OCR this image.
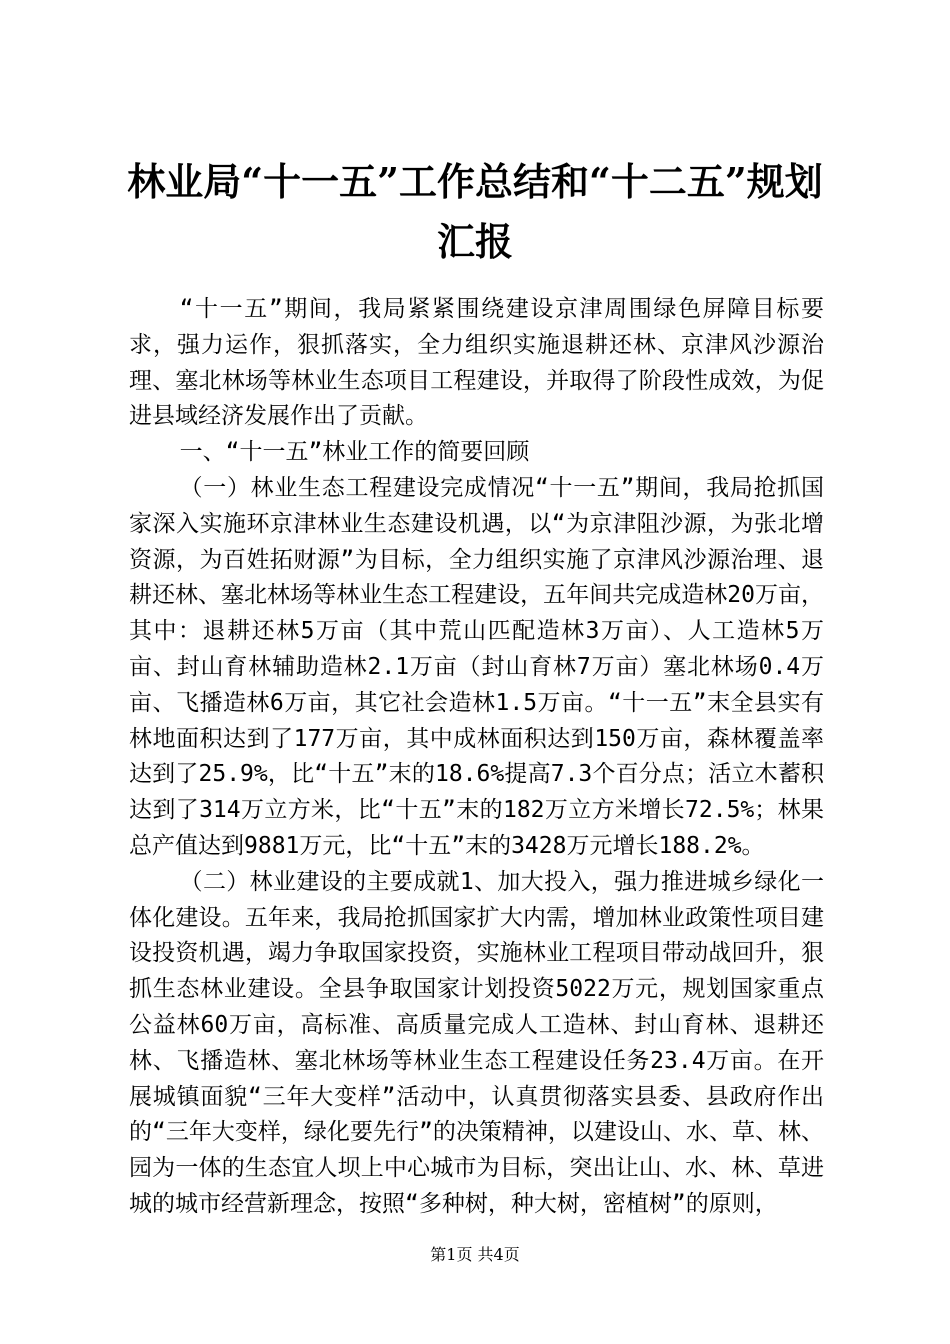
林业局“十一五”工作总结和“十二五”规划
汇报

“十一五”期间，我局紧紧围绕建设京津周围绿色屏障目标要求，强力运作，狠抓落实，全力组织实施退耕还林、京津风沙源治理、塞北林场等林业生态项目工程建设，并取得了阶段性成效，为促进县域经济发展作出了贡献。

一、“十一五”林业工作的简要回顾

（一）林业生态工程建设完成情况“十一五”期间，我局抢抓国家深入实施环京津林业生态建设机遇，以“为京津阻沙源，为张北增资源，为百姓拓财源”为目标，全力组织实施了京津风沙源治理、退耕还林、塞北林场等林业生态工程建设，五年间共完成造林20万亩，其中：退耕还林5万亩（其中荒山匹配造林3万亩）、人工造林5万亩、封山育林辅助造林2.1万亩（封山育林7万亩）塞北林场0.4万亩、飞播造林6万亩，其它社会造林1.5万亩。“十一五”末全县实有林地面积达到了177万亩，其中成林面积达到150万亩，森林覆盖率达到了25.9%，比“十五”末的18.6%提高7.3个百分点；活立木蓄积达到了314万立方米，比“十五”末的182万立方米增长72.5%；林果总产值达到9881万元，比“十五”末的3428万元增长188.2%。

（二）林业建设的主要成就1、加大投入，强力推进城乡绿化一体化建设。五年来，我局抢抓国家扩大内需，增加林业政策性项目建设投资机遇，竭力争取国家投资，实施林业工程项目带动战回升，狠抓生态林业建设。全县争取国家计划投资5022万元，规划国家重点公益林60万亩，高标准、高质量完成人工造林、封山育林、退耕还林、飞播造林、塞北林场等林业生态工程建设任务23.4万亩。在开展城镇面貌“三年大变样”活动中，认真贯彻落实县委、县政府作出的“三年大变样，绿化要先行”的决策精神，以建设山、水、草、林、园为一体的生态宜人坝上中心城市为目标，突出让山、水、林、草进城的城市经营新理念，按照“多种树，种大树，密植树”的原则，

第1页 共4页
